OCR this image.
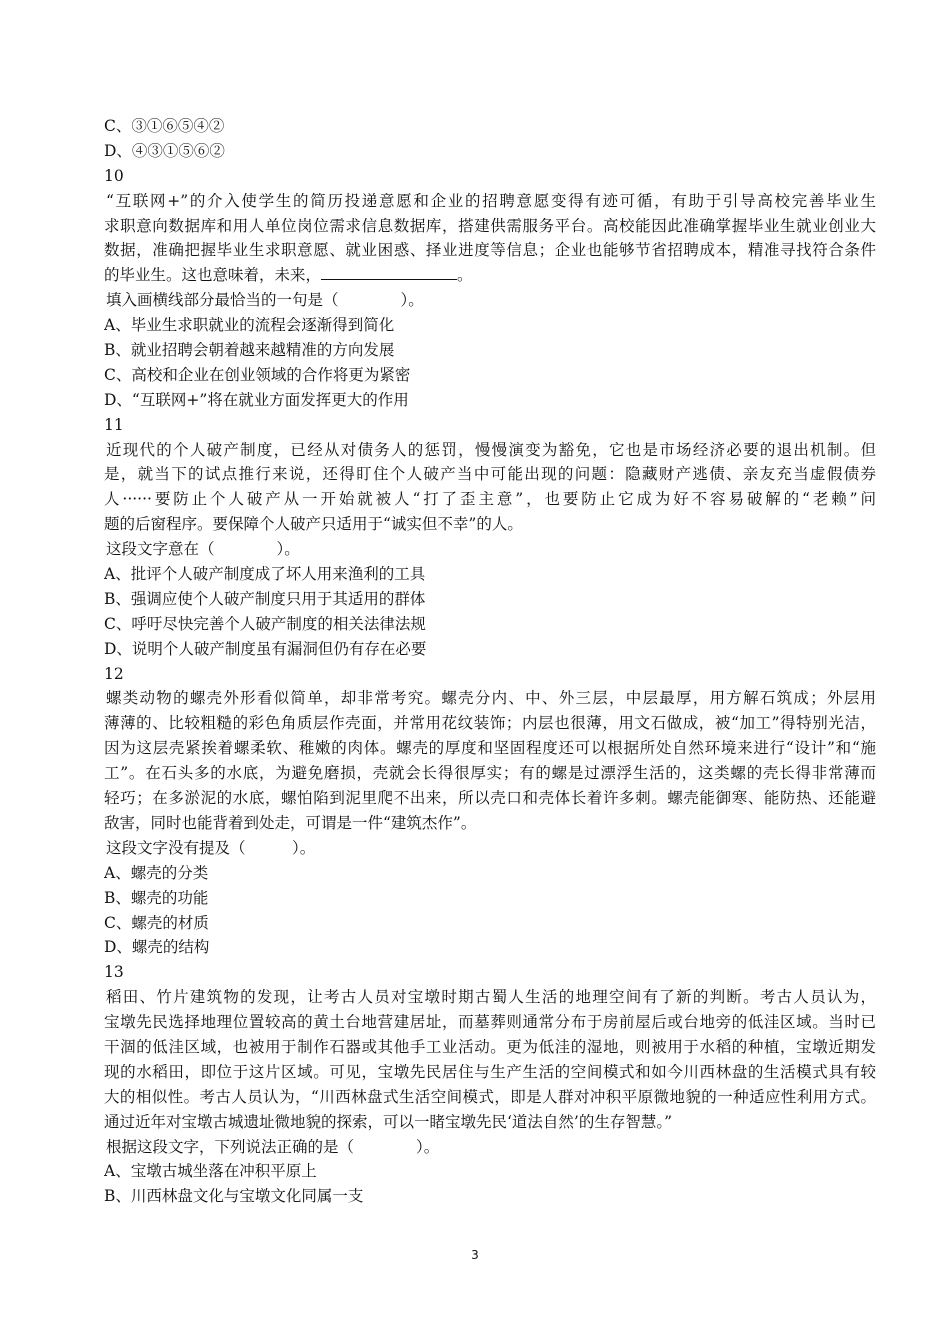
C、③①⑥⑤④②
D、④③①⑤⑥②
10
“互联网+”的介入使学生的简历投递意愿和企业的招聘意愿变得有迹可循，有助于引导高校完善毕业生
求职意向数据库和用人单位岗位需求信息数据库，搭建供需服务平台。高校能因此准确掌握毕业生就业创业大
数据，准确把握毕业生求职意愿、就业困惑、择业进度等信息；企业也能够节省招聘成本，精准寻找符合条件
的毕业生。这也意味着，未来，	。
填入画横线部分最恰当的一句是（　　　　）。
A、毕业生求职就业的流程会逐渐得到简化
B、就业招聘会朝着越来越精准的方向发展
C、高校和企业在创业领域的合作将更为紧密
D、“互联网+”将在就业方面发挥更大的作用
11
近现代的个人破产制度，已经从对债务人的惩罚，慢慢演变为豁免，它也是市场经济必要的退出机制。但
是，就当下的试点推行来说，还得盯住个人破产当中可能出现的问题：隐藏财产逃债、亲友充当虚假债券
人······要防止个人破产从一开始就被人“打了歪主意”，也要防止它成为好不容易破解的“老赖”问
题的后窗程序。要保障个人破产只适用于“诚实但不幸”的人。
这段文字意在（　　　　）。
A、批评个人破产制度成了坏人用来渔利的工具
B、强调应使个人破产制度只用于其适用的群体
C、呼吁尽快完善个人破产制度的相关法律法规
D、说明个人破产制度虽有漏洞但仍有存在必要
12
螺类动物的螺壳外形看似简单，却非常考究。螺壳分内、中、外三层，中层最厚，用方解石筑成；外层用
薄薄的、比较粗糙的彩色角质层作壳面，并常用花纹装饰；内层也很薄，用文石做成，被“加工”得特别光洁，
因为这层壳紧挨着螺柔软、稚嫩的肉体。螺壳的厚度和坚固程度还可以根据所处自然环境来进行“设计”和“施
工”。在石头多的水底，为避免磨损，壳就会长得很厚实；有的螺是过漂浮生活的，这类螺的壳长得非常薄而
轻巧；在多淤泥的水底，螺怕陷到泥里爬不出来，所以壳口和壳体长着许多刺。螺壳能御寒、能防热、还能避
敌害，同时也能背着到处走，可谓是一件“建筑杰作”。
这段文字没有提及（　　　）。
A、螺壳的分类
B、螺壳的功能
C、螺壳的材质
D、螺壳的结构
13
稻田、竹片建筑物的发现，让考古人员对宝墩时期古蜀人生活的地理空间有了新的判断。考古人员认为，
宝墩先民选择地理位置较高的黄土台地营建居址，而墓葬则通常分布于房前屋后或台地旁的低洼区域。当时已
干涸的低洼区域，也被用于制作石器或其他手工业活动。更为低洼的湿地，则被用于水稻的种植，宝墩近期发
现的水稻田，即位于这片区域。可见，宝墩先民居住与生产生活的空间模式和如今川西林盘的生活模式具有较
大的相似性。考古人员认为，“川西林盘式生活空间模式，即是人群对冲积平原微地貌的一种适应性利用方式。
通过近年对宝墩古城遗址微地貌的探索，可以一睹宝墩先民‘道法自然’的生存智慧。”
根据这段文字，下列说法正确的是（　　　　）。
A、宝墩古城坐落在冲积平原上
B、川西林盘文化与宝墩文化同属一支
3
